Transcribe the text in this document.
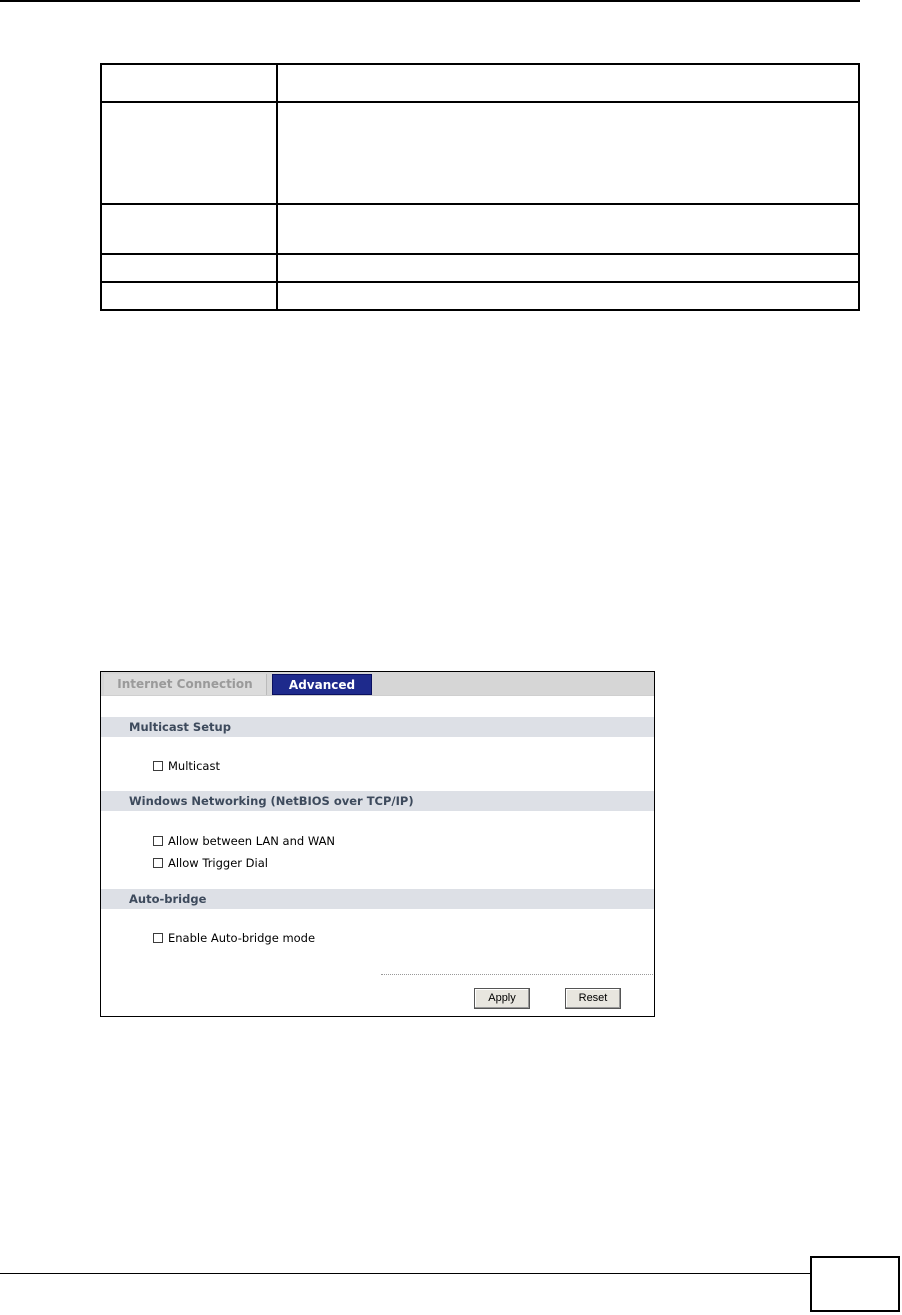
Internet Connection	Advanced
Multicast Setup
Multicast
Windows Networking (NetBIOS over TCP/IP)
Allow between LAN and WAN
Allow Trigger Dial
Auto-bridge
Enable Auto-bridge mode
Apply	Reset
